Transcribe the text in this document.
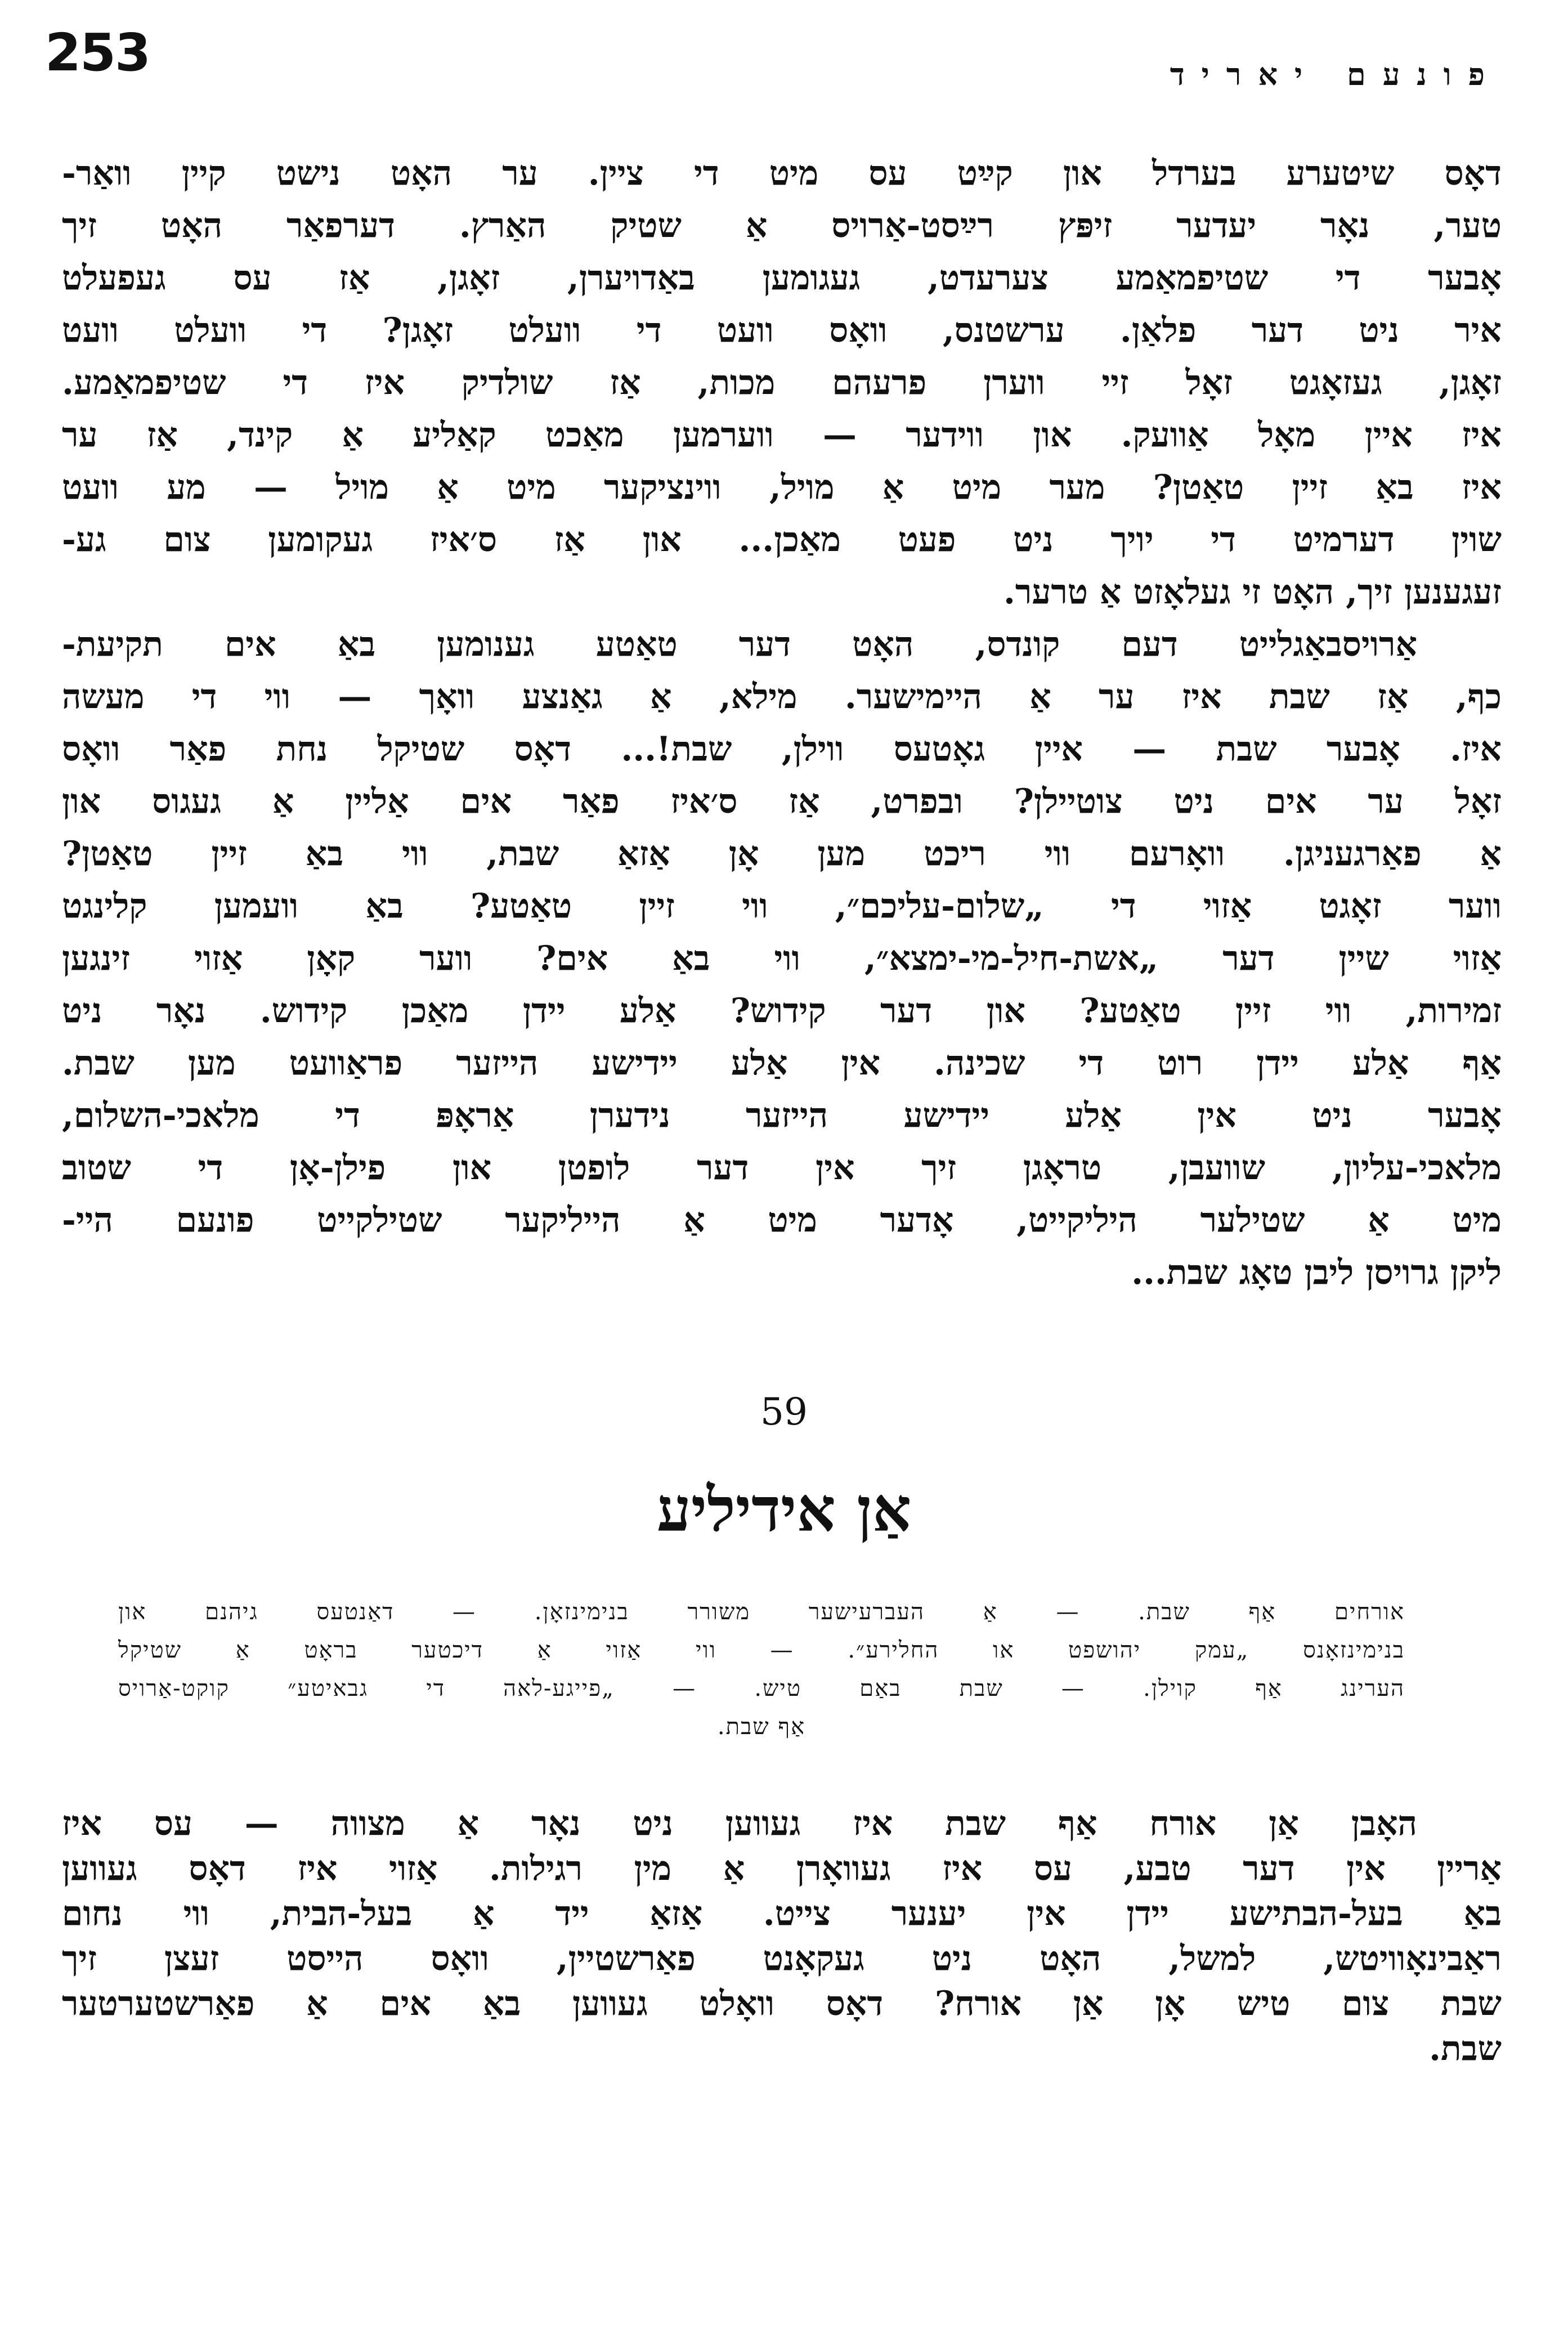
253	פונעם יאריד
דאָס שיטערע בערדל און קײַט עס מיט די ציין. ער האָט נישט קיין וואַר-
טער, נאָר יעדער זיפּץ רײַסט-אַרויס אַ שטיק האַרץ. דערפאַר האָט זיך
אָבער די שטיפמאַמע צערעדט, געגומען באַדויערן, זאָגן, אַז עס געפעלט
איר ניט דער פלאַן. ערשטנס, וואָס וועט די וועלט זאָגן? די וועלט וועט
זאָגן, געזאָגט זאָל זיי ווערן פרעהם מכות, אַז שולדיק איז די שטיפמאַמע.
איז איין מאָל אַוועק. און ווידער — ווערמען מאַכט קאַליע אַ קינד, אַז ער
איז באַ זיין טאַטן? מער מיט אַ מויל, ווינציקער מיט אַ מויל — מע וועט
שוין דערמיט די יויך ניט פעט מאַכן... און אַז ס׳איז געקומען צום גע-
זעגענען זיך, האָט זי געלאָזט אַ טרער.
אַרויסבאַגלייט דעם קונדס, האָט דער טאַטע גענומען באַ אים תקיעת-
כף, אַז שבת איז ער אַ היימישער. מילא, אַ גאַנצע וואָך — ווי די מעשה
איז. אָבער שבת — איין גאָטעס ווילן, שבת!... דאָס שטיקל נחת פאַר וואָס
זאָל ער אים ניט צוטיילן? ובפרט, אַז ס׳איז פאַר אים אַליין אַ געגוס און
אַ פאַרגעניגן. וואָרעם ווי ריכט מען אָן אַזאַ שבת, ווי באַ זיין טאַטן?
ווער זאָגט אַזוי די „שלום-עליכם״, ווי זיין טאַטע? באַ וועמען קלינגט
אַזוי שיין דער „אשת-חיל-מי-ימצא״, ווי באַ אים? ווער קאָן אַזוי זינגען
זמירות, ווי זיין טאַטע? און דער קידוש? אַלע יידן מאַכן קידוש. נאָר ניט
אַף אַלע יידן רוט די שכינה. אין אַלע יידישע הייזער פראַוועט מען שבת.
אָבער ניט אין אַלע יידישע הייזער נידערן אַראָפּ די מלאכי-השלום,
מלאכי-עליון, שוועבן, טראָגן זיך אין דער לופטן און פילן-אָן די שטוב
מיט אַ שטילער היליקייט, אָדער מיט אַ הייליקער שטילקייט פונעם היי-
ליקן גרויסן ליבן טאָג שבת...
59
אַן אידיליע
אורחים אַף שבת. — אַ העברעישער משורר בנימינזאָן. — דאַנטעס גיהנם און
בנימינזאָנס „עמק יהושפט או החלירע״. — ווי אַזוי אַ דיכטער בראָט אַ שטיקל
הערינג אַף קוילן. — שבת באַם טיש. — „פייגע-לאה די גבאיטע״ קוקט-אַרויס
אַף שבת.
האָבן אַן אורח אַף שבת איז געווען ניט נאָר אַ מצווה — עס איז
אַריין אין דער טבע, עס איז געוואָרן אַ מין רגילות. אַזוי איז דאָס געווען
באַ בעל-הבתישע יידן אין יענער צייט. אַזאַ ייד אַ בעל-הבית, ווי נחום
ראַבינאָוויטש, למשל, האָט ניט געקאָנט פאַרשטיין, וואָס הייסט זעצן זיך
שבת צום טיש אָן אַן אורח? דאָס וואָלט געווען באַ אים אַ פאַרשטערטער
שבת.
